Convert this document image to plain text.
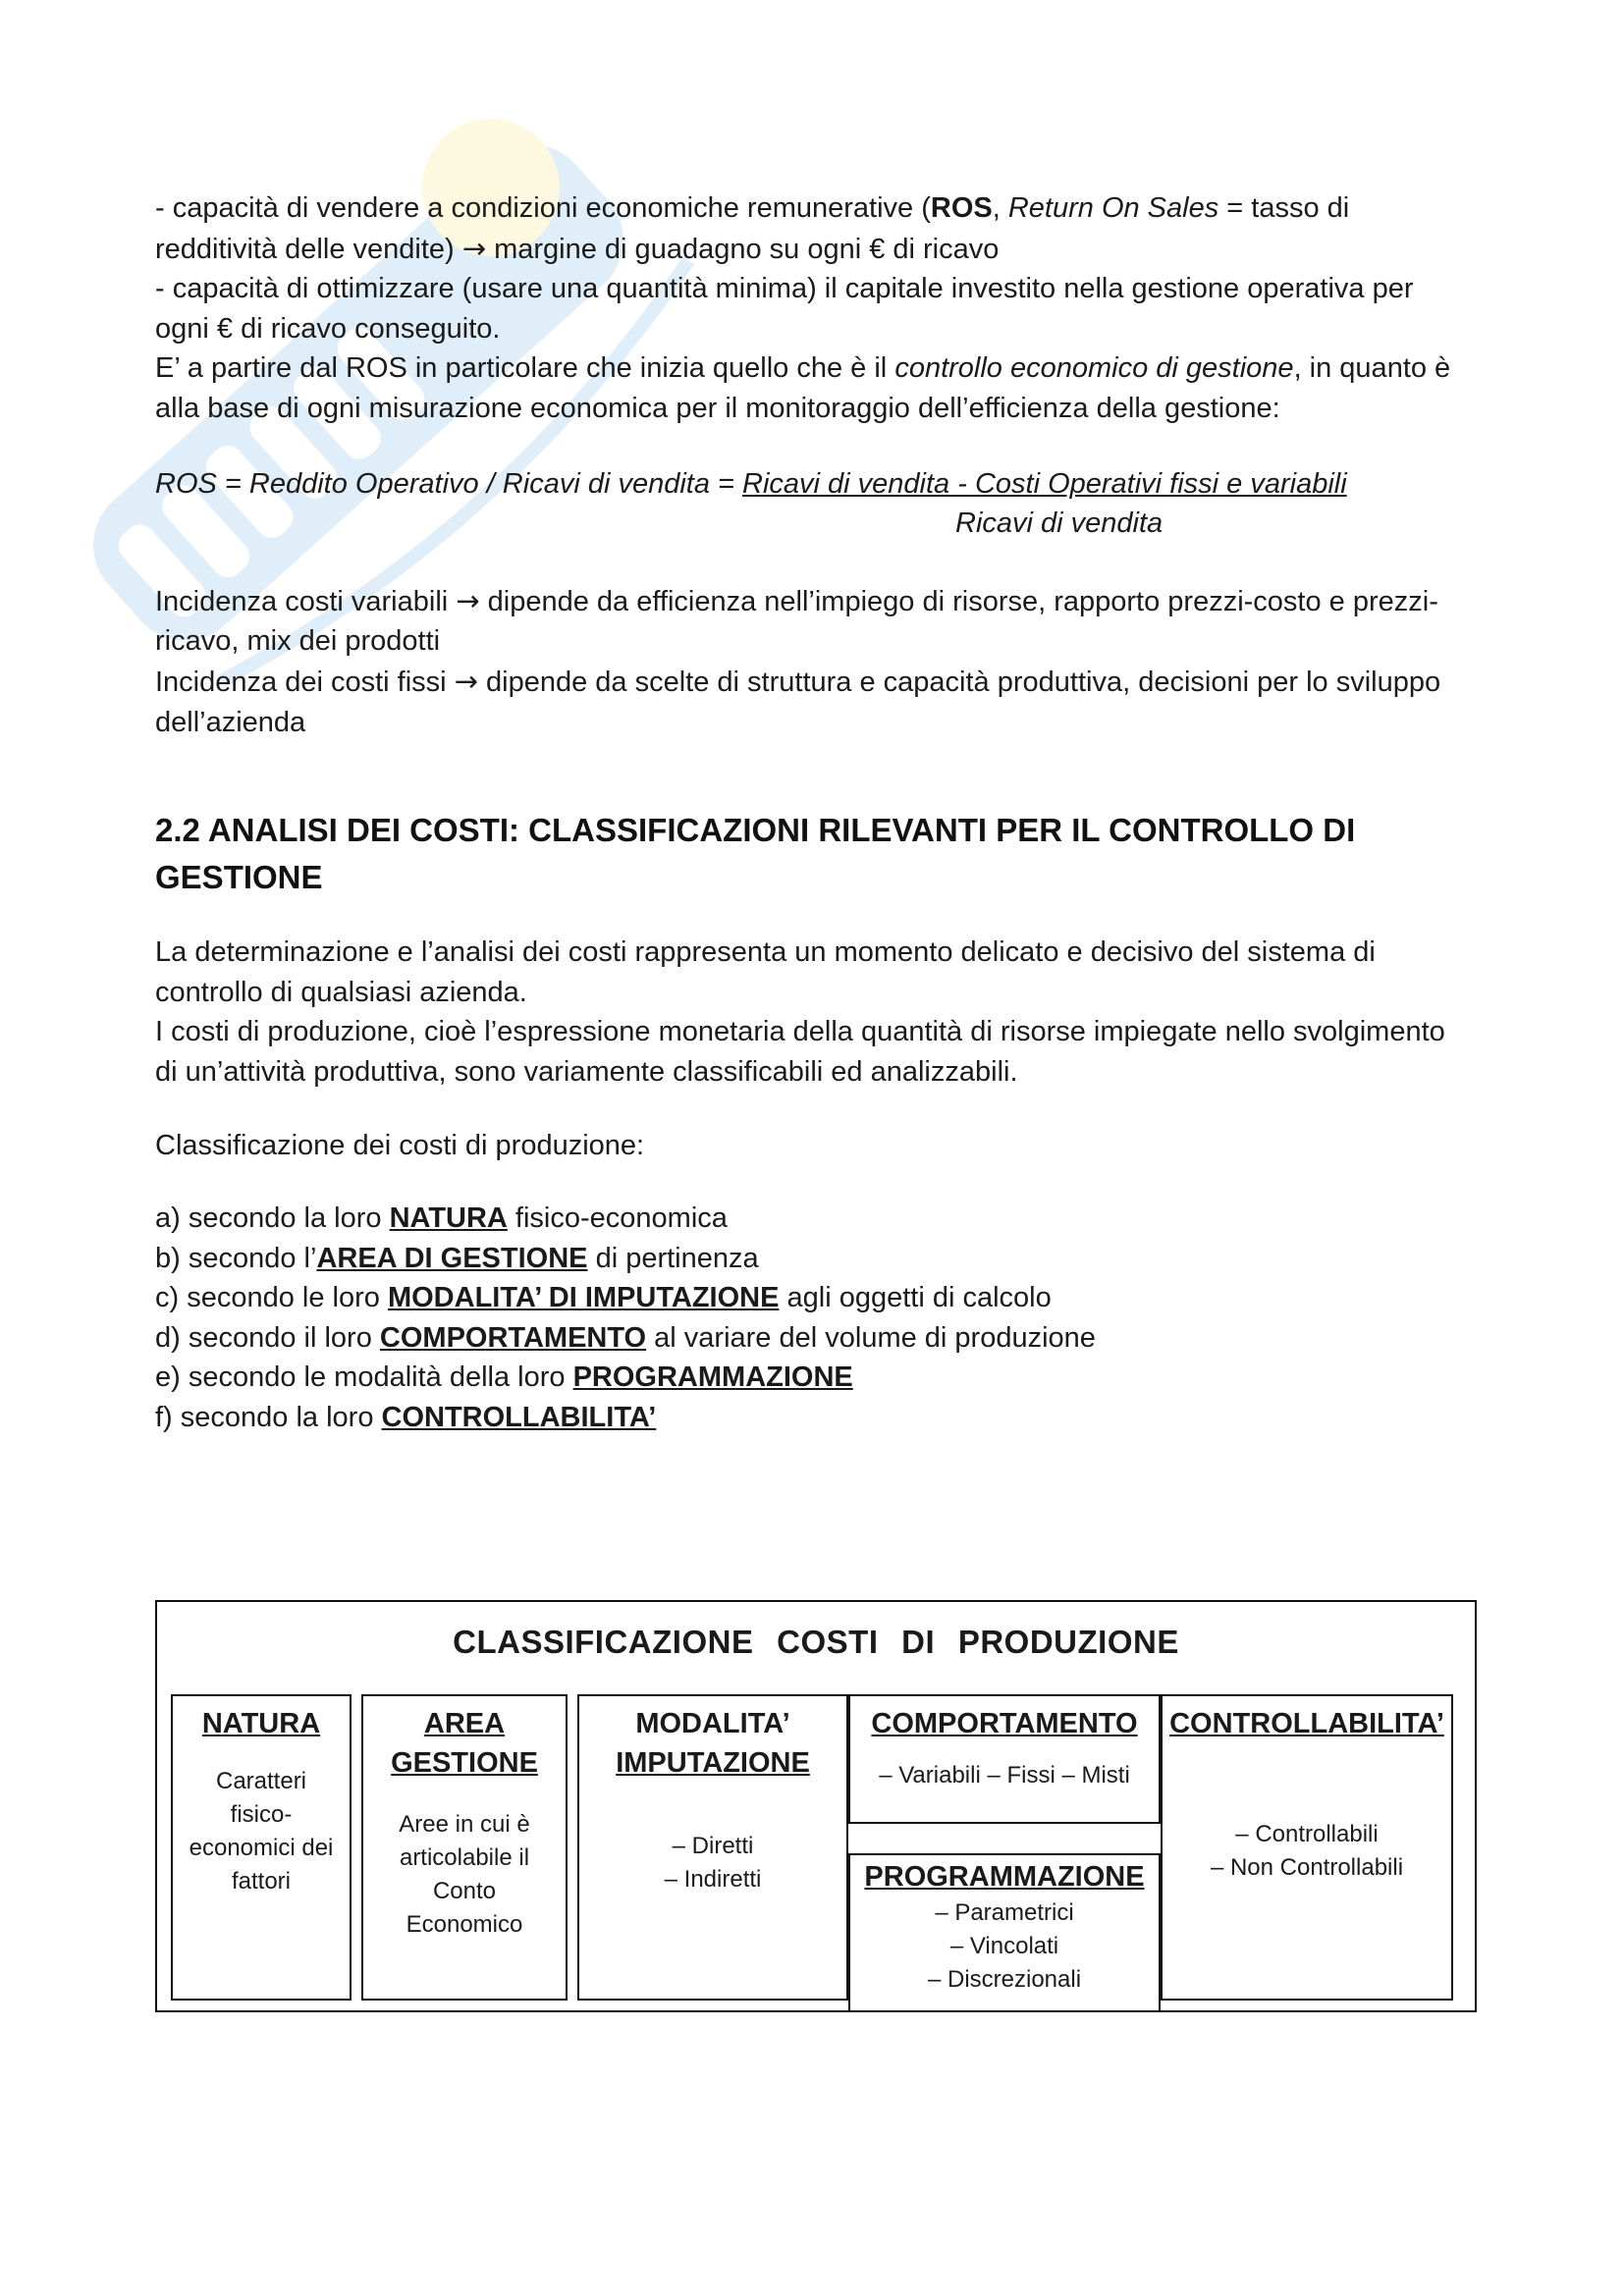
- capacità di vendere a condizioni economiche remunerative (ROS, Return On Sales = tasso di redditività delle vendite) → margine di guadagno su ogni € di ricavo

- capacità di ottimizzare (usare una quantità minima) il capitale investito nella gestione operativa per ogni € di ricavo conseguito.

E’ a partire dal ROS in particolare che inizia quello che è il controllo economico di gestione, in quanto è alla base di ogni misurazione economica per il monitoraggio dell’efficienza della gestione:

ROS = Reddito Operativo / Ricavi di vendita = Ricavi di vendita - Costi Operativi fissi e variabili

Ricavi di vendita

Incidenza costi variabili → dipende da efficienza nell’impiego di risorse, rapporto prezzi-costo e prezzi-ricavo, mix dei prodotti

Incidenza dei costi fissi → dipende da scelte di struttura e capacità produttiva, decisioni per lo sviluppo dell’azienda

2.2 ANALISI DEI COSTI: CLASSIFICAZIONI RILEVANTI PER IL CONTROLLO DI GESTIONE

La determinazione e l’analisi dei costi rappresenta un momento delicato e decisivo del sistema di controllo di qualsiasi azienda.

I costi di produzione, cioè l’espressione monetaria della quantità di risorse impiegate nello svolgimento di un’attività produttiva, sono variamente classificabili ed analizzabili.

Classificazione dei costi di produzione:

a) secondo la loro NATURA fisico-economica

b) secondo l’AREA DI GESTIONE di pertinenza

c) secondo le loro MODALITA’ DI IMPUTAZIONE agli oggetti di calcolo

d) secondo il loro COMPORTAMENTO al variare del volume di produzione

e) secondo le modalità della loro PROGRAMMAZIONE

f) secondo la loro CONTROLLABILITA’

CLASSIFICAZIONE COSTI DI PRODUZIONE
NATURA
Caratteri
fisico-
economici dei
fattori
AREA
GESTIONE
Aree in cui è
articolabile il
Conto
Economico
MODALITA’
IMPUTAZIONE
– Diretti
– Indiretti
COMPORTAMENTO
– Variabili – Fissi – Misti
PROGRAMMAZIONE
– Parametrici
– Vincolati
– Discrezionali
CONTROLLABILITA’
– Controllabili
– Non Controllabili
